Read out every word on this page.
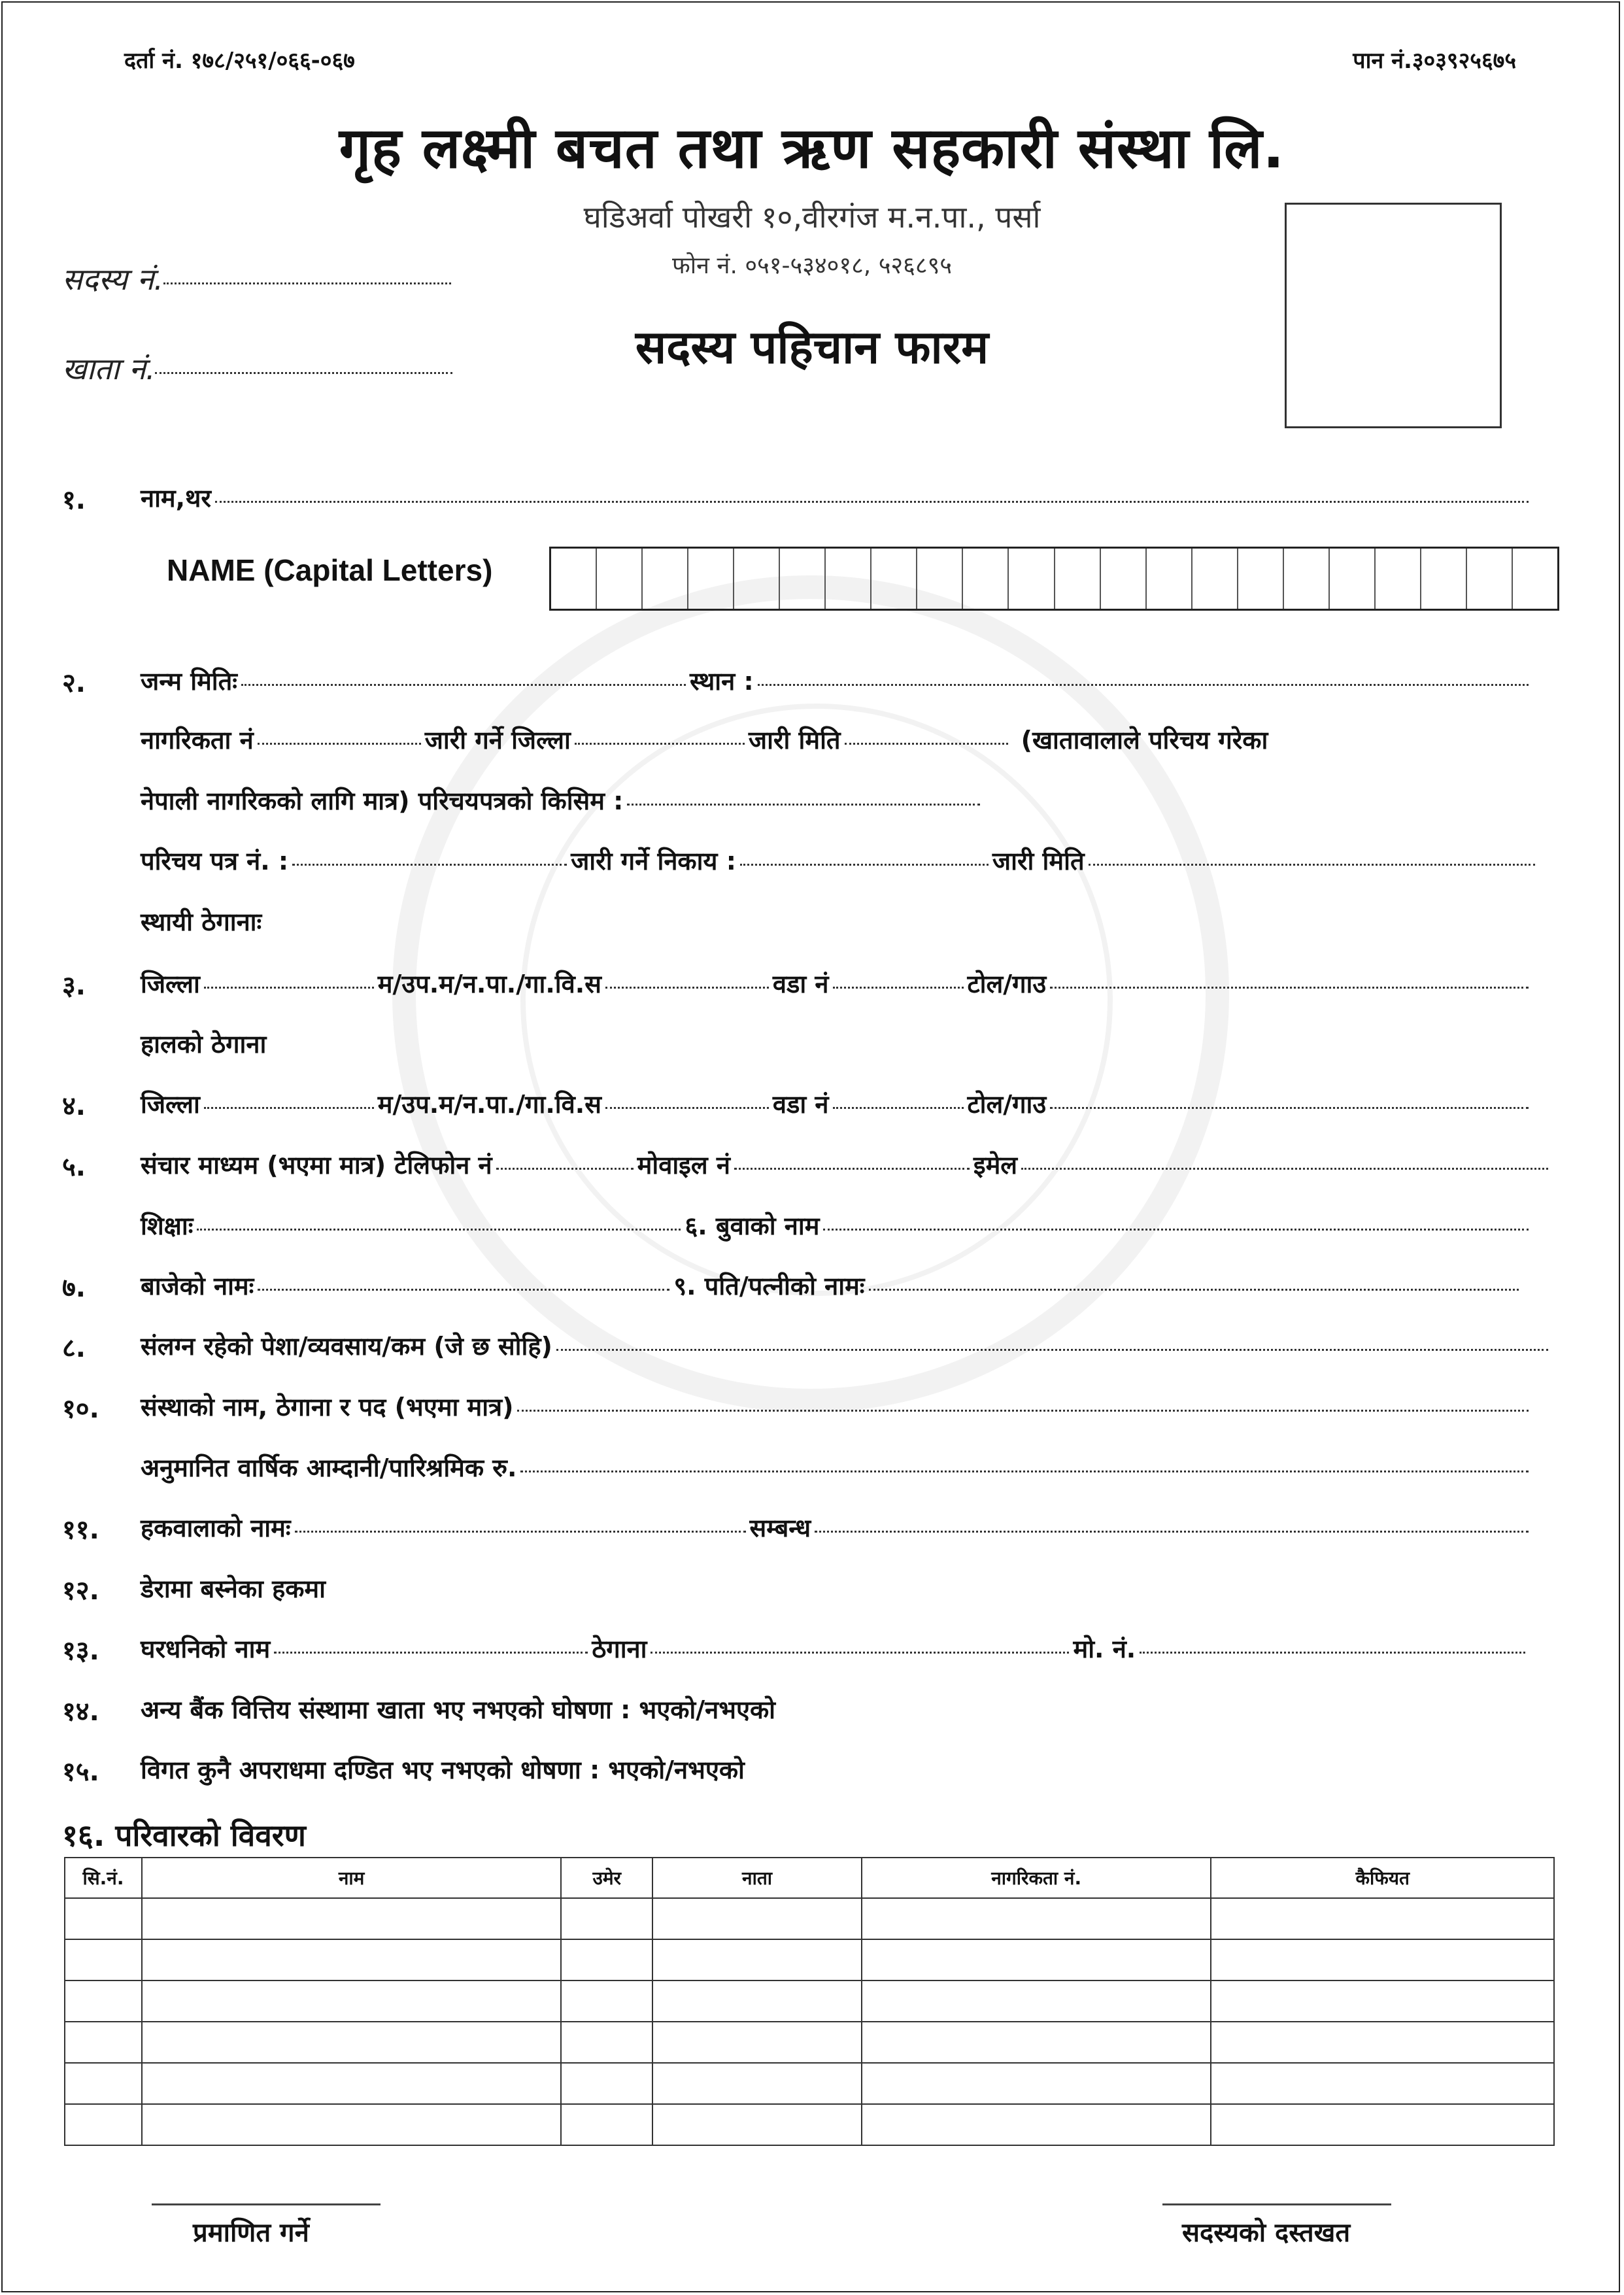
दर्ता नं. १७८/२५१/०६६-०६७	पान नं.३०३९२५६७५
गृह लक्ष्मी बचत तथा ऋण सहकारी संस्था लि.
घडिअर्वा पोखरी १०,वीरगंज म.न.पा., पर्सा
फोन नं. ०५१-५३४०१८, ५२६८९५
सदस्य पहिचान फारम
सदस्य नं.
खाता नं.
१. नाम,थर
NAME (Capital Letters)
२. जन्म मितिः	स्थान :
नागरिकता नं	जारी गर्ने जिल्ला	जारी मिति	(खातावालाले परिचय गरेका
नेपाली नागरिकको लागि मात्र) परिचयपत्रको किसिम :
परिचय पत्र नं. :	जारी गर्ने निकाय :	जारी मिति
स्थायी ठेगानाः
३. जिल्ला	म/उप.म/न.पा./गा.वि.स	वडा नं	टोल/गाउ
हालको ठेगाना
४. जिल्ला	म/उप.म/न.पा./गा.वि.स	वडा नं	टोल/गाउ
५. संचार माध्यम (भएमा मात्र) टेलिफोन नं	मोवाइल नं	इमेल
शिक्षाः	६. बुवाको नाम
७. बाजेको नामः	९. पति/पत्नीको नामः
८. संलग्न रहेको पेशा/व्यवसाय/कम (जे छ सोहि)
१०. संस्थाको नाम, ठेगाना र पद (भएमा मात्र)
अनुमानित वार्षिक आम्दानी/पारिश्रमिक रु.
११. हकवालाको नामः	सम्बन्ध
१२. डेरामा बस्नेका हकमा
१३. घरधनिको नाम	ठेगाना	मो. नं.
१४. अन्य बैंक वित्तिय संस्थामा खाता भए नभएको घोषणा : भएको/नभएको
१५. विगत कुनै अपराधमा दण्डित भए नभएको धोषणा : भएको/नभएको
१६. परिवारको विवरण
सि.नं.	नाम	उमेर	नाता	नागरिकता नं.	कैफियत

प्रमाणित गर्ने	सदस्यको दस्तखत
